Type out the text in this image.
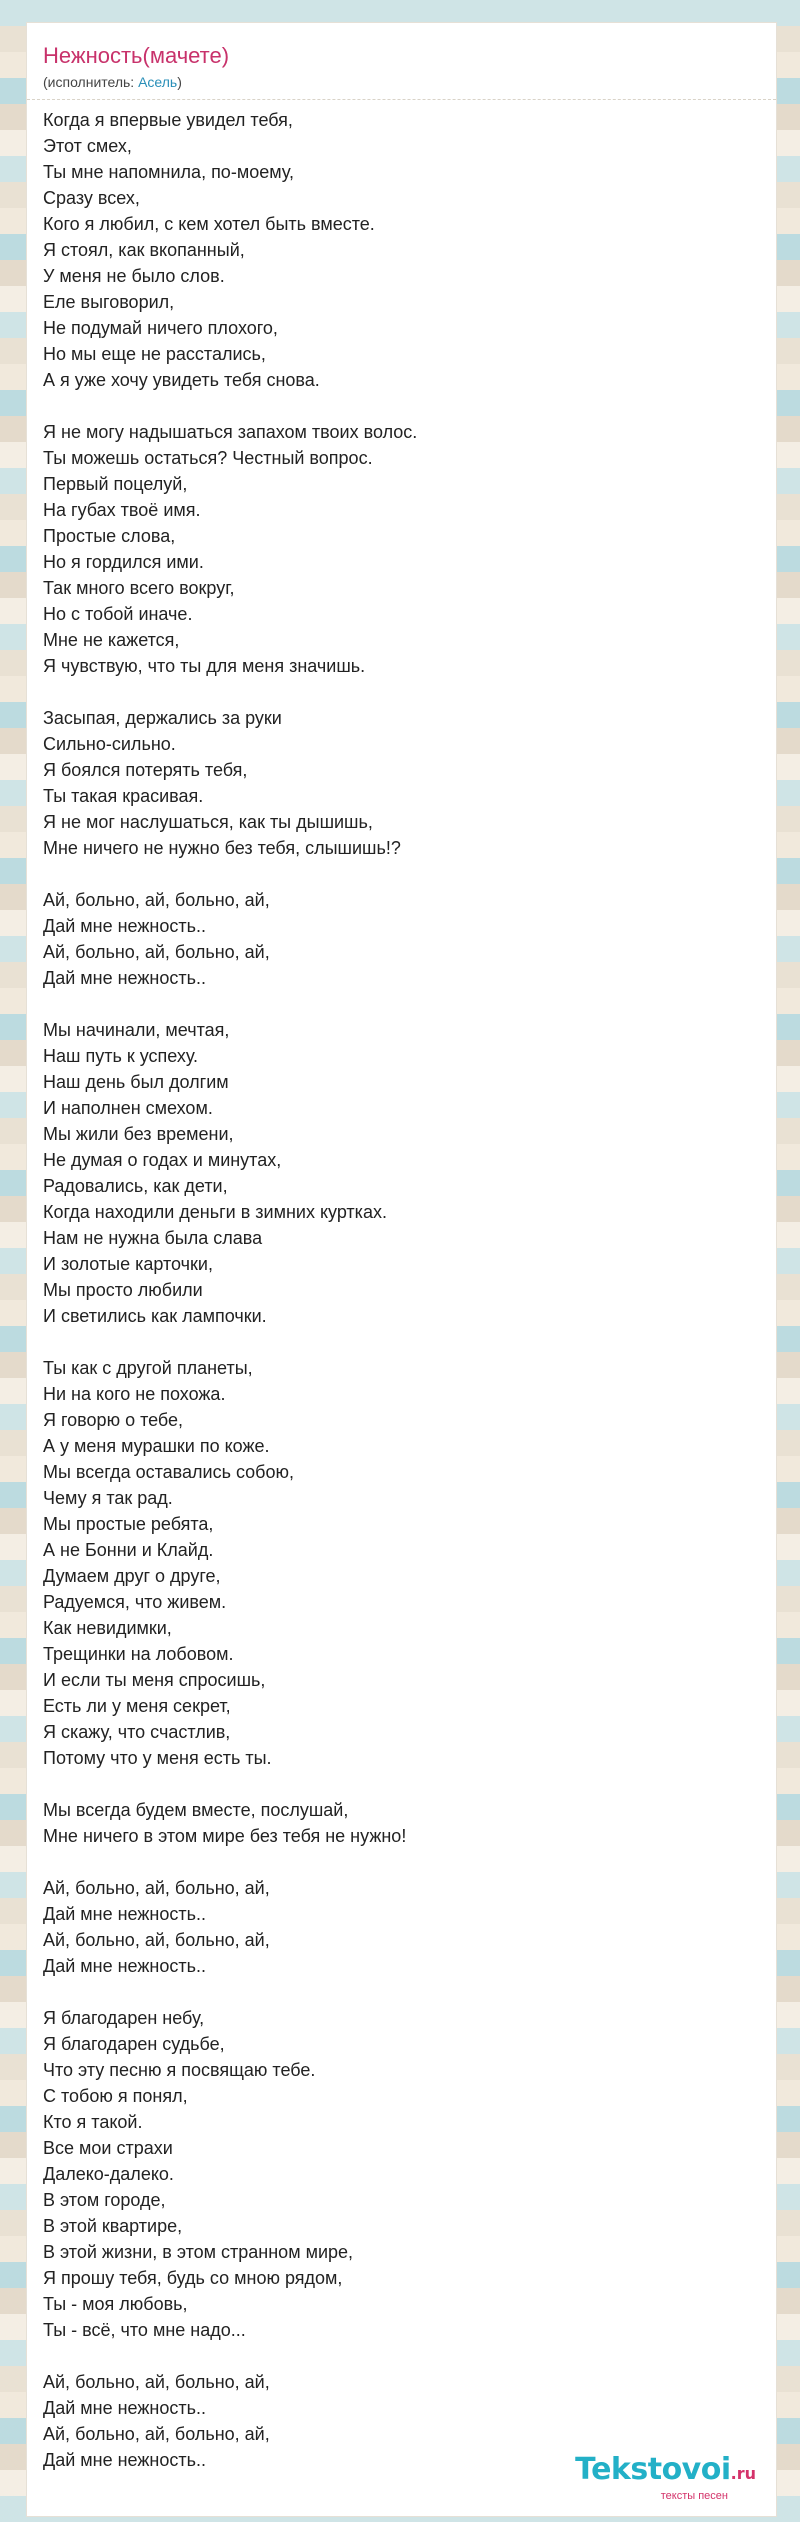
Нежность(мачете)
(исполнитель: Асель)
Когда я впервые увидел тебя,
Этот смех,
Ты мне напомнила, по-моему,
Сразу всех,
Кого я любил, с кем хотел быть вместе.
Я стоял, как вкопанный,
У меня не было слов.
Еле выговорил,
Не подумай ничего плохого,
Но мы еще не расстались,
А я уже хочу увидеть тебя снова.
Я не могу надышаться запахом твоих волос.
Ты можешь остаться? Честный вопрос.
Первый поцелуй,
На губах твоё имя.
Простые слова,
Но я гордился ими.
Так много всего вокруг,
Но с тобой иначе.
Мне не кажется,
Я чувствую, что ты для меня значишь.
Засыпая, держались за руки
Сильно-сильно.
Я боялся потерять тебя,
Ты такая красивая.
Я не мог наслушаться, как ты дышишь,
Мне ничего не нужно без тебя, слышишь!?
Ай, больно, ай, больно, ай,
Дай мне нежность..
Ай, больно, ай, больно, ай,
Дай мне нежность..
Мы начинали, мечтая,
Наш путь к успеху.
Наш день был долгим
И наполнен смехом.
Мы жили без времени,
Не думая о годах и минутах,
Радовались, как дети,
Когда находили деньги в зимних куртках.
Нам не нужна была слава
И золотые карточки,
Мы просто любили
И светились как лампочки.
Ты как с другой планеты,
Ни на кого не похожа.
Я говорю о тебе,
А у меня мурашки по коже.
Мы всегда оставались собою,
Чему я так рад.
Мы простые ребята,
А не Бонни и Клайд.
Думаем друг о друге,
Радуемся, что живем.
Как невидимки,
Трещинки на лобовом.
И если ты меня спросишь,
Есть ли у меня секрет,
Я скажу, что счастлив,
Потому что у меня есть ты.
Мы всегда будем вместе, послушай,
Мне ничего в этом мире без тебя не нужно!
Ай, больно, ай, больно, ай,
Дай мне нежность..
Ай, больно, ай, больно, ай,
Дай мне нежность..
Я благодарен небу,
Я благодарен судьбе,
Что эту песню я посвящаю тебе.
С тобою я понял,
Кто я такой.
Все мои страхи
Далеко-далеко.
В этом городе,
В этой квартире,
В этой жизни, в этом странном мире,
Я прошу тебя, будь со мною рядом,
Ты - моя любовь,
Ты - всё, что мне надо...
Ай, больно, ай, больно, ай,
Дай мне нежность..
Ай, больно, ай, больно, ай,
Дай мне нежность..	Tekstovoi.ru
тексты песен
